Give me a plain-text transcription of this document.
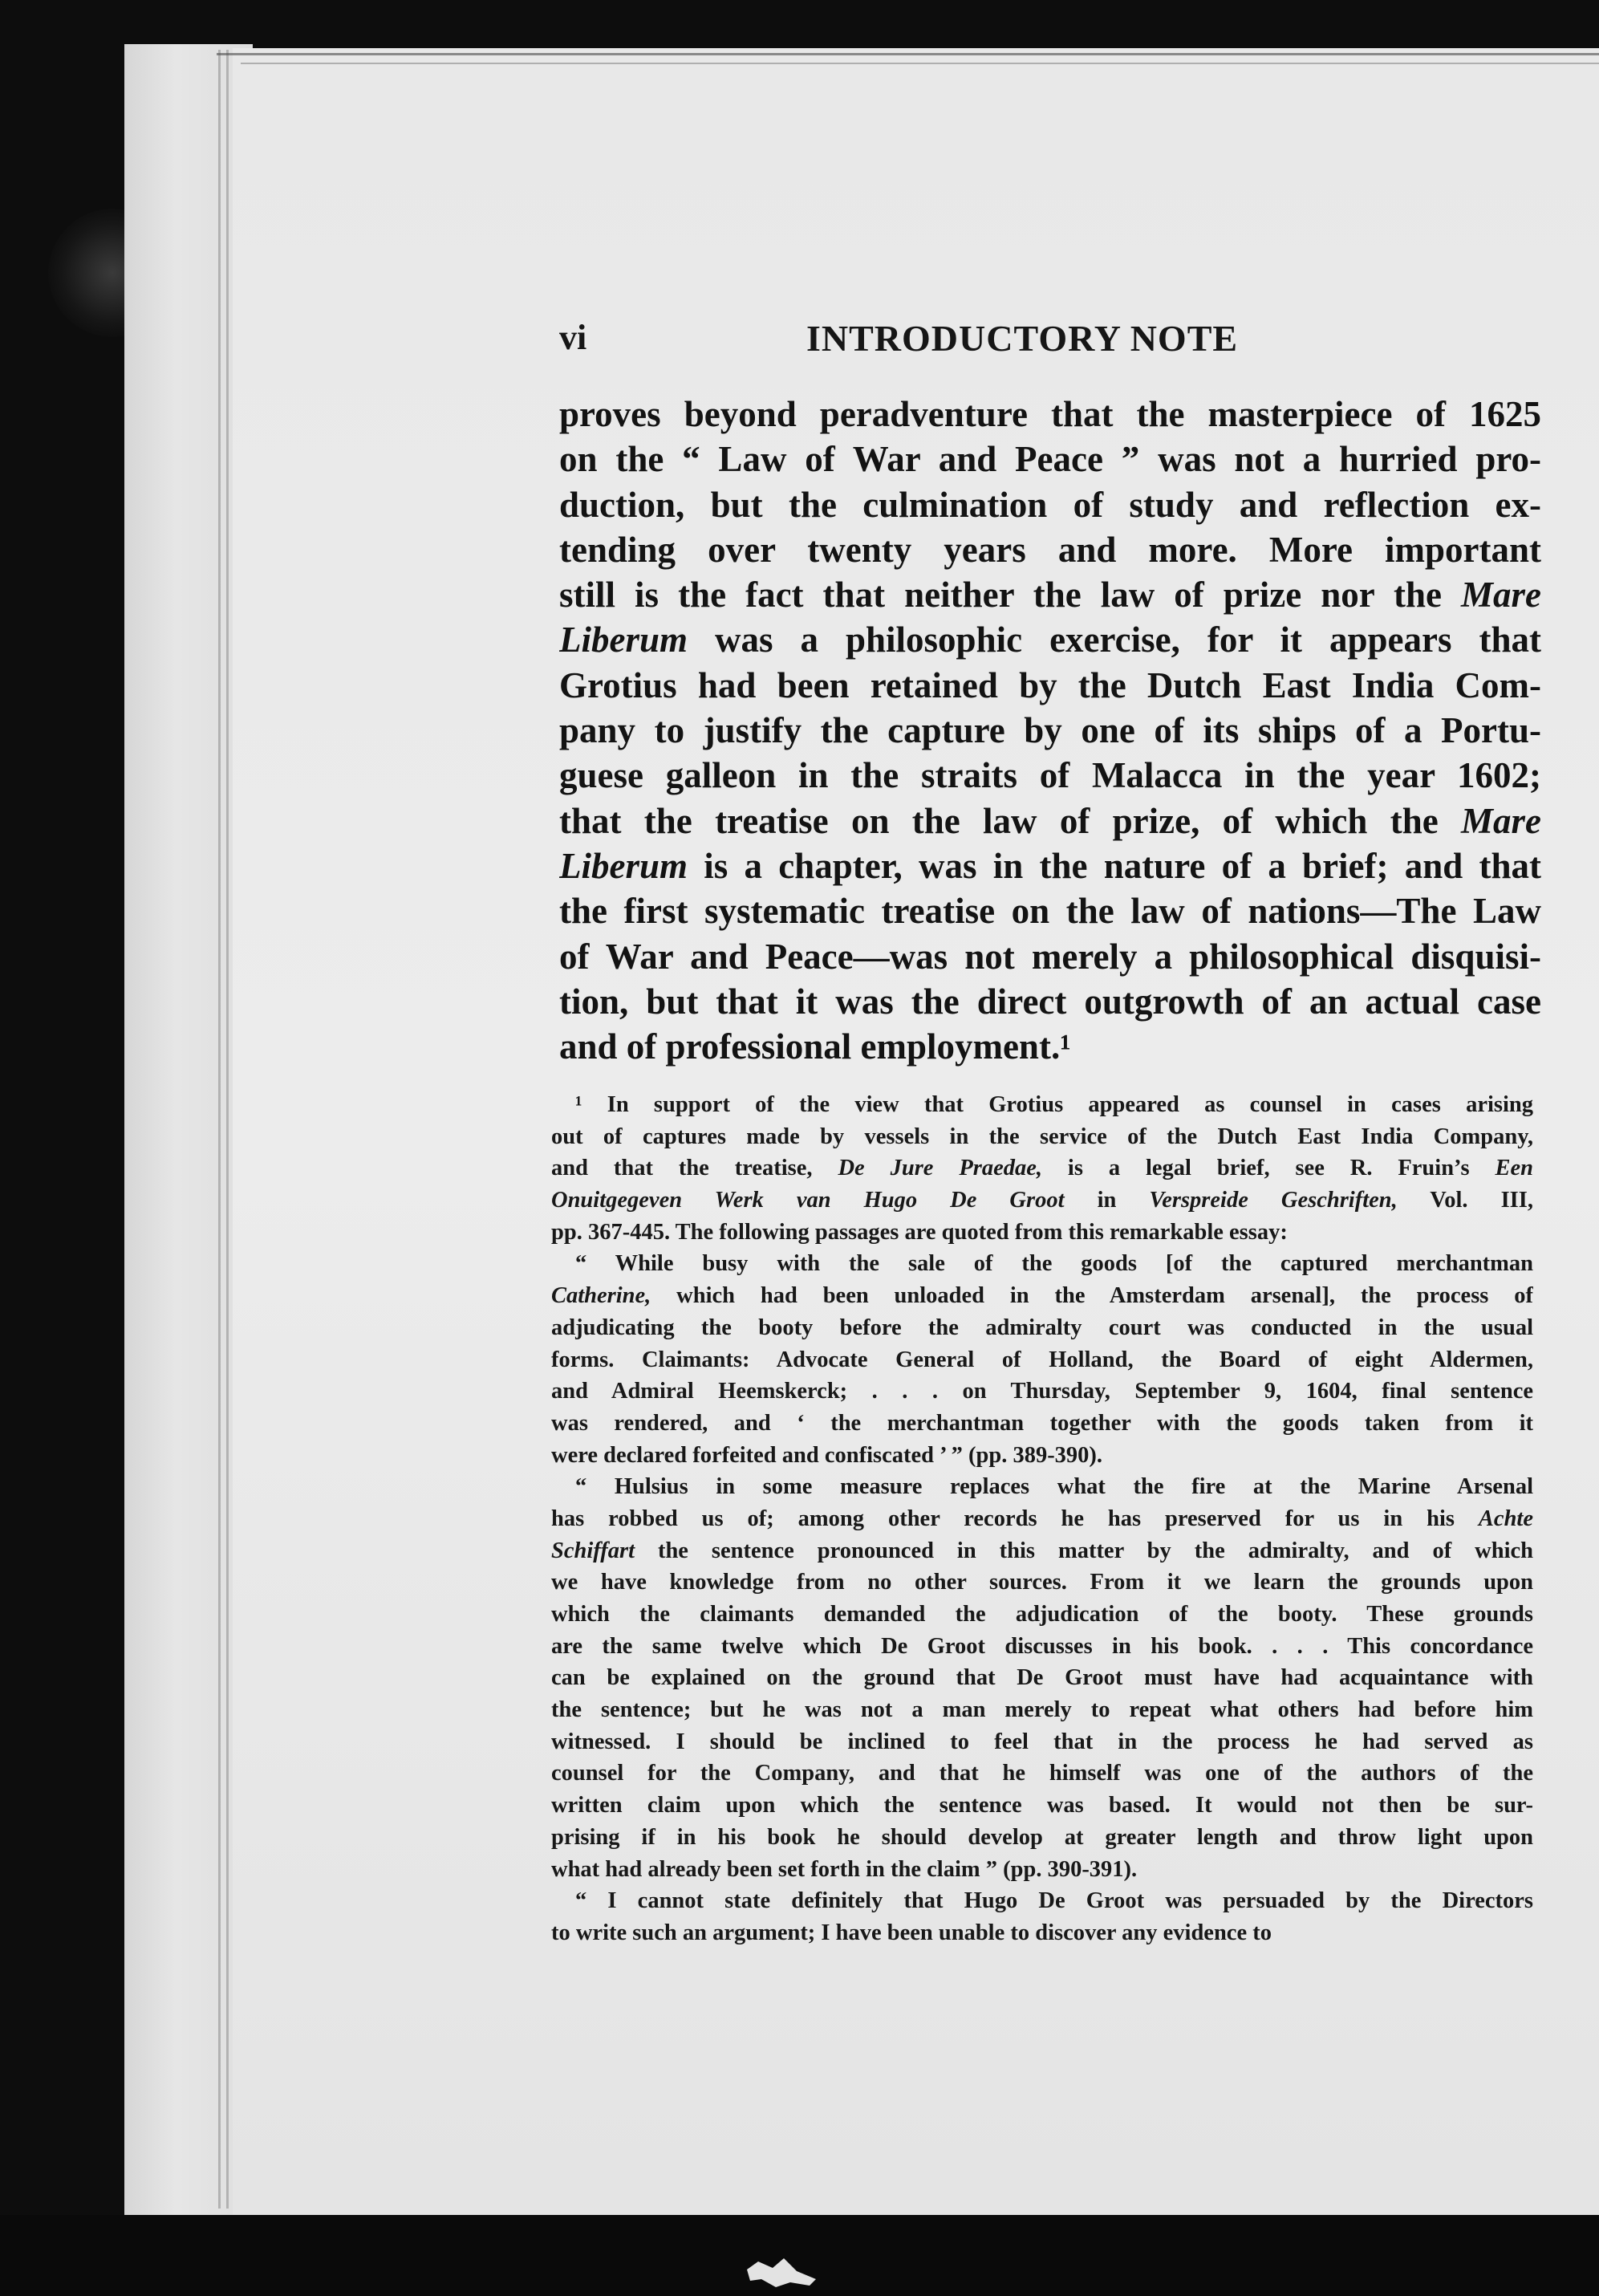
vi	INTRODUCTORY NOTE
proves beyond peradventure that the masterpiece of 1625
on the “ Law of War and Peace ” was not a hurried pro-
duction, but the culmination of study and reflection ex-
tending over twenty years and more. More important
still is the fact that neither the law of prize nor the Mare
Liberum was a philosophic exercise, for it appears that
Grotius had been retained by the Dutch East India Com-
pany to justify the capture by one of its ships of a Portu-
guese galleon in the straits of Malacca in the year 1602;
that the treatise on the law of prize, of which the Mare
Liberum is a chapter, was in the nature of a brief; and that
the first systematic treatise on the law of nations—The Law
of War and Peace—was not merely a philosophical disquisi-
tion, but that it was the direct outgrowth of an actual case
and of professional employment.¹
¹ In support of the view that Grotius appeared as counsel in cases arising
out of captures made by vessels in the service of the Dutch East India Company,
and that the treatise, De Jure Praedae, is a legal brief, see R. Fruin’s Een
Onuitgegeven Werk van Hugo De Groot in Verspreide Geschriften, Vol. III,
pp. 367-445. The following passages are quoted from this remarkable essay:
“ While busy with the sale of the goods [of the captured merchantman
Catherine, which had been unloaded in the Amsterdam arsenal], the process of
adjudicating the booty before the admiralty court was conducted in the usual
forms. Claimants: Advocate General of Holland, the Board of eight Aldermen,
and Admiral Heemskerck; . . . on Thursday, September 9, 1604, final sentence
was rendered, and ‘ the merchantman together with the goods taken from it
were declared forfeited and confiscated ’ ” (pp. 389-390).
“ Hulsius in some measure replaces what the fire at the Marine Arsenal
has robbed us of; among other records he has preserved for us in his Achte
Schiffart the sentence pronounced in this matter by the admiralty, and of which
we have knowledge from no other sources. From it we learn the grounds upon
which the claimants demanded the adjudication of the booty. These grounds
are the same twelve which De Groot discusses in his book. . . . This concordance
can be explained on the ground that De Groot must have had acquaintance with
the sentence; but he was not a man merely to repeat what others had before him
witnessed. I should be inclined to feel that in the process he had served as
counsel for the Company, and that he himself was one of the authors of the
written claim upon which the sentence was based. It would not then be sur-
prising if in his book he should develop at greater length and throw light upon
what had already been set forth in the claim ” (pp. 390-391).
“ I cannot state definitely that Hugo De Groot was persuaded by the Directors
to write such an argument; I have been unable to discover any evidence to
